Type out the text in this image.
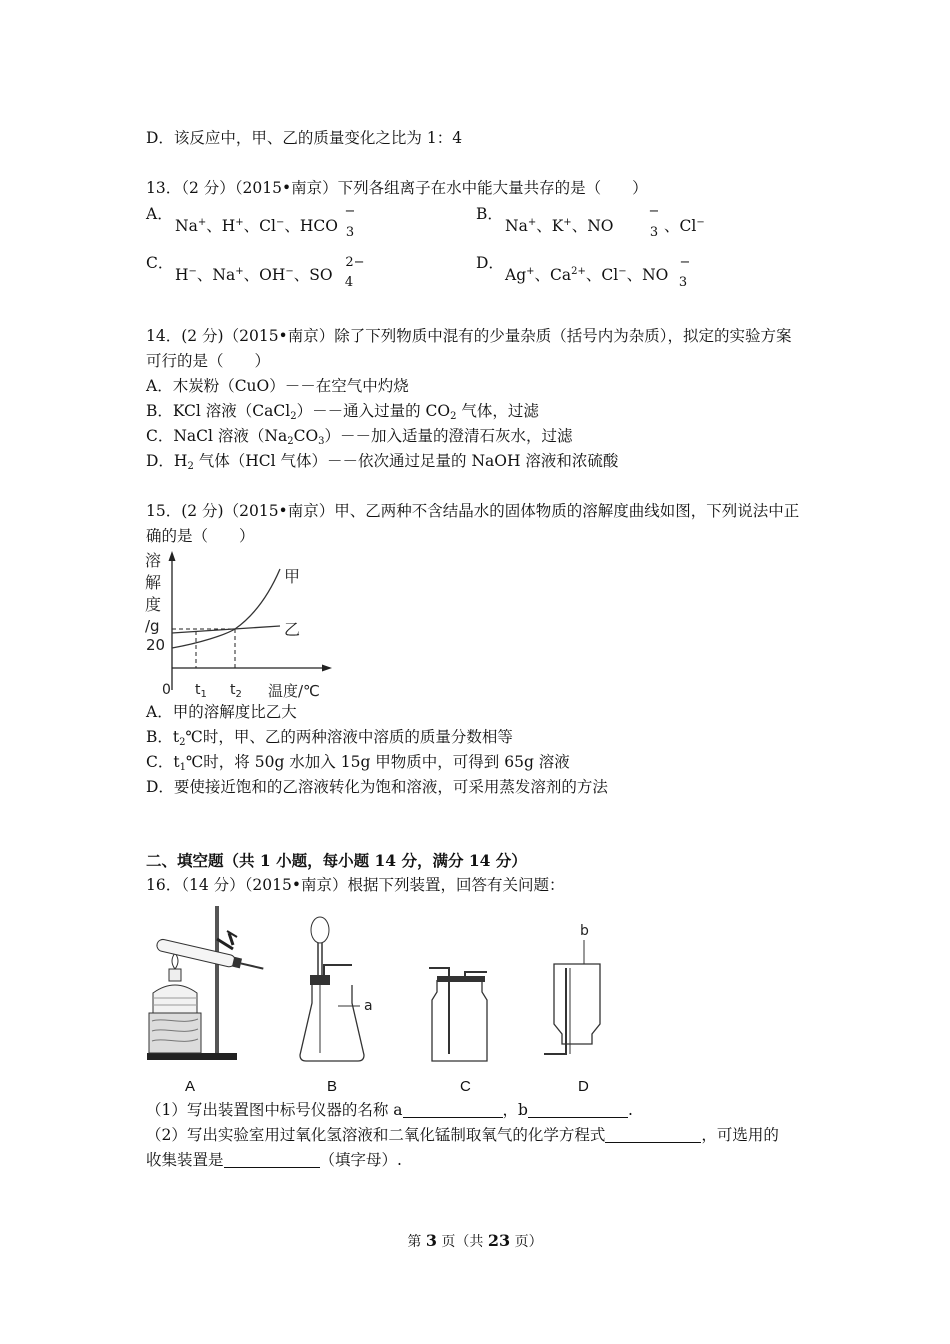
D．该反应中，甲、乙的质量变化之比为 1：4
13．（2 分）（2015•南京）下列各组离子在水中能大量共存的是（　　）
A．
Na+、H+、Cl−、HCO
−
3
B．
Na+、K+、NO
−
3 、Cl−
C．
H−、Na+、OH−、SO
2−
4
D．
Ag+、$Ca^{2+}$、Cl−、NO
−
3
14．(2 分)（2015•南京）除了下列物质中混有的少量杂质（括号内为杂质），拟定的实验方案
可行的是（　　）
A．木炭粉（CuO）－－在空气中灼烧
B．KCl 溶液（CaCl$_2$）－－通入过量的 $CO_2$ 气体，过滤
C．NaCl 溶液$(Na_2CO_3)--$加入适量的澄清石灰水，过滤
D．$H_2$ 气体（HCl 气体）－－依次通过足量的 NaOH 溶液和浓硫酸
15．(2 分)（2015•南京）甲、乙两种不含结晶水的固体物质的溶解度曲线如图，下列说法中正
确的是（　　）
溶
解
度
/g
20
0 $t_1$ $t_2$ 温度/℃
甲
乙
A．甲的溶解度比乙大
B．$t_2℃$时，甲、乙的两种溶液中溶质的质量分数相等
C．$t_1℃$时，将 50g 水加入 15g 甲物质中，可得到 65g 溶液
D．要使接近饱和的乙溶液转化为饱和溶液，可采用蒸发溶剂的方法
二、填空题（共 1 小题，每小题 14 分，满分 14 分）
16．（14 分）（2015•南京）根据下列装置，回答有关问题：
a
b
A	B	C	D
（1）写出装置图中标号仪器的名称 a	，b	.
（2）写出实验室用过氧化氢溶液和二氧化锰制取氧气的化学方程式	，可选用的
收集装置是	（填字母）.
第 3 页（共 23 页）
